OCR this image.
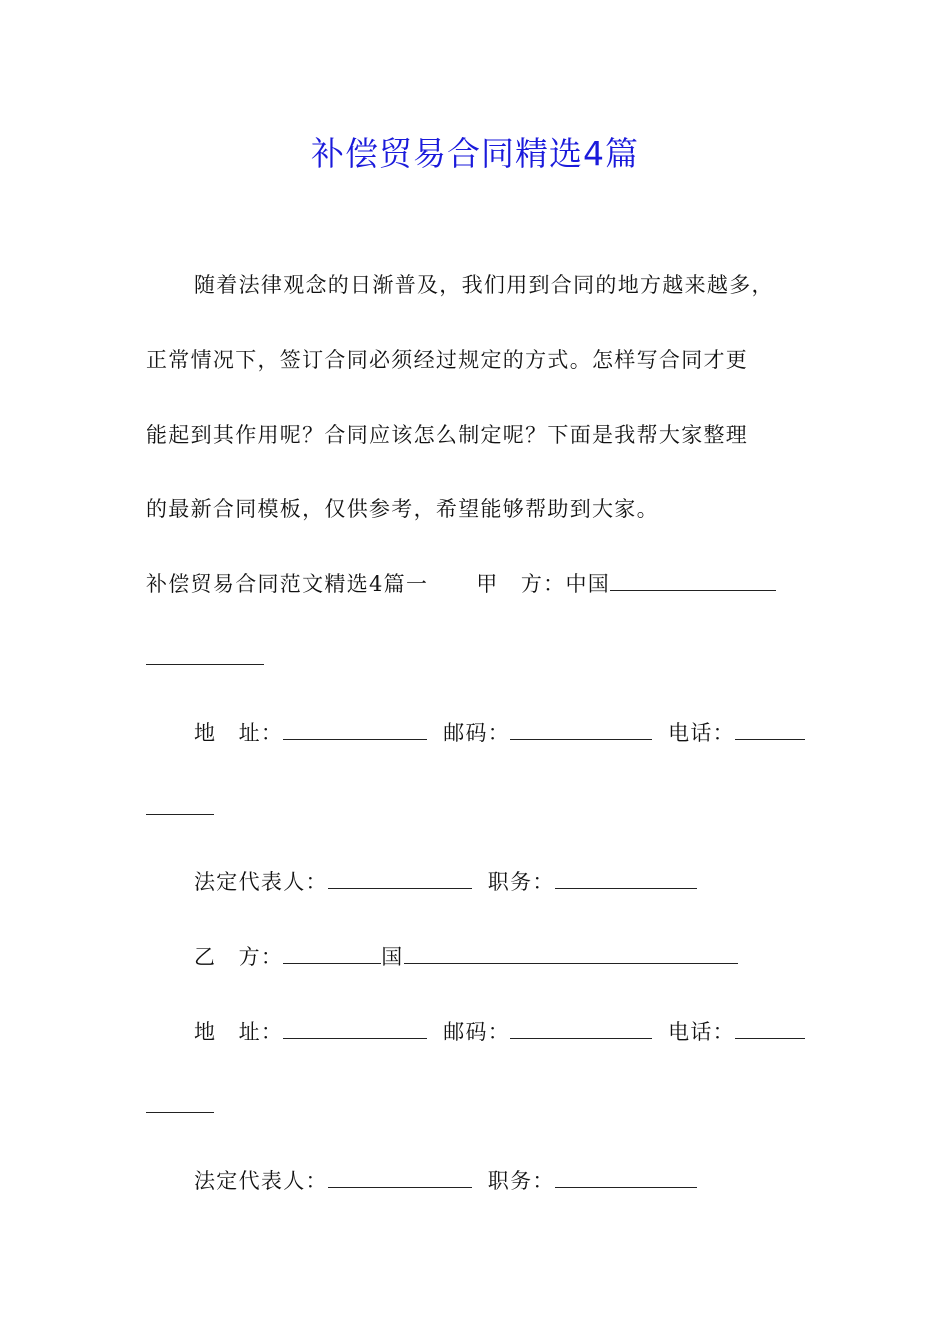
补偿贸易合同精选4篇
随着法律观念的日渐普及，我们用到合同的地方越来越多，
正常情况下，签订合同必须经过规定的方式。怎样写合同才更
能起到其作用呢？合同应该怎么制定呢？下面是我帮大家整理
的最新合同模板，仅供参考，希望能够帮助到大家。
补偿贸易合同范文精选4篇一 甲　方：中国
地　址：	邮码：	电话：
法定代表人：	职务：
乙　方：	国
地　址：	邮码：	电话：
法定代表人：	职务：
